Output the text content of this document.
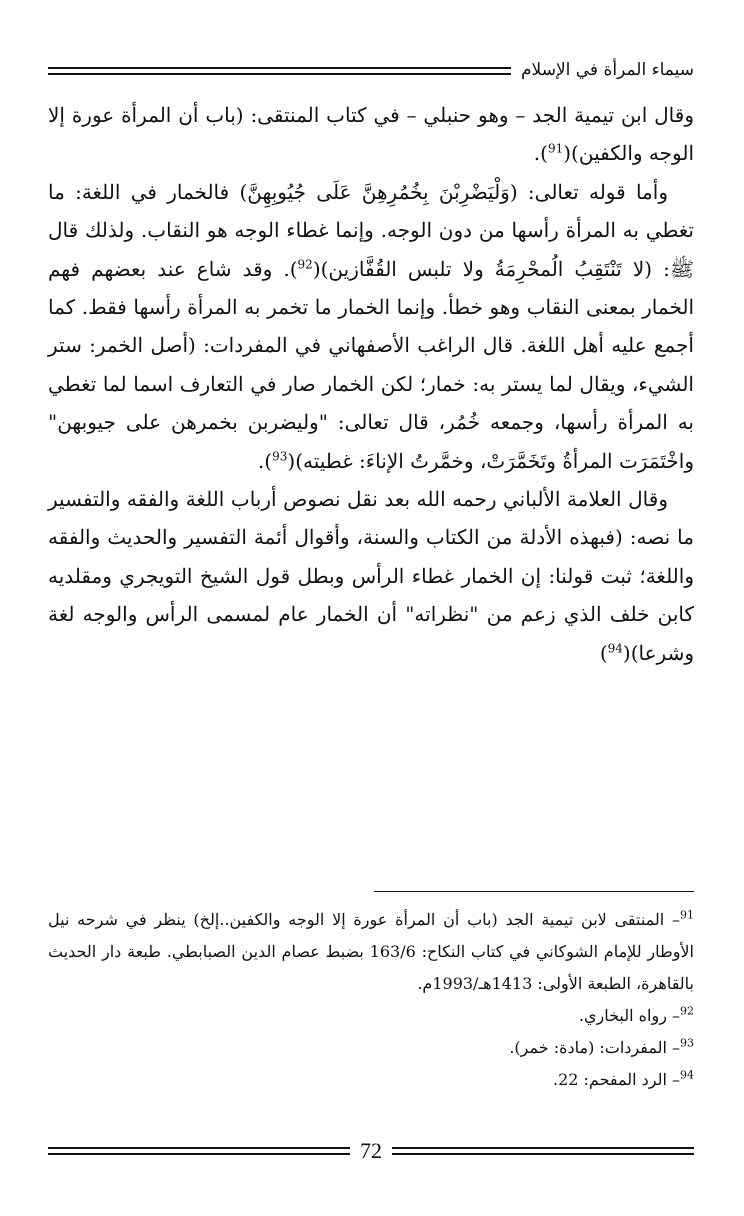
سيماء المرأة في الإسلام

وقال ابن تيمية الجد – وهو حنبلي – في كتاب المنتقى: (باب أن المرأة عورة إلا الوجه والكفين)($^{91}$).

وأما قوله تعالى: (وَلْيَضْرِبْنَ بِخُمُرِهِنَّ عَلَى جُيُوبِهِنَّ) فالخمار في اللغة: ما تغطي به المرأة رأسها من دون الوجه. وإنما غطاء الوجه هو النقاب. ولذلك قال ﷺ: (لا تَنْتَقِبُ الُمحْرِمَةُ ولا تلبس القُفَّازين)($^{92}$). وقد شاع عند بعضهم فهم الخمار بمعنى النقاب وهو خطأ. وإنما الخمار ما تخمر به المرأة رأسها فقط. كما أجمع عليه أهل اللغة. قال الراغب الأصفهاني في المفردات: (أصل الخمر: ستر الشيء، ويقال لما يستر به: خمار؛ لكن الخمار صار في التعارف اسما لما تغطي به المرأة رأسها، وجمعه خُمُر، قال تعالى: "وليضربن بخمرهن على جيوبهن" واخْتَمَرَت المرأةُ وتَخَمَّرَتْ، وخمَّرتُ الإناءَ: غطيته)($^{93}$).

وقال العلامة الألباني رحمه الله بعد نقل نصوص أرباب اللغة والفقه والتفسير ما نصه: (فبهذه الأدلة من الكتاب والسنة، وأقوال أئمة التفسير والحديث والفقه واللغة؛ ثبت قولنا: إن الخمار غطاء الرأس وبطل قول الشيخ التويجري ومقلديه كابن خلف الذي زعم من "نظراته" أن الخمار عام لمسمى الرأس والوجه لغة وشرعا)($^{94}$)

$^{91}$– المنتقى لابن تيمية الجد (باب أن المرأة عورة إلا الوجه والكفين..إلخ) ينظر في شرحه نيل الأوطار للإمام الشوكاني في كتاب النكاح: 163/6 بضبط عصام الدين الصبابطي. طبعة دار الحديث بالقاهرة، الطبعة الأولى: 1413هـ/1993م.

$^{92}$– رواه البخاري.

$^{93}$– المفردات: (مادة: خمر).

$^{94}$– الرد المفحم: 22.

72
